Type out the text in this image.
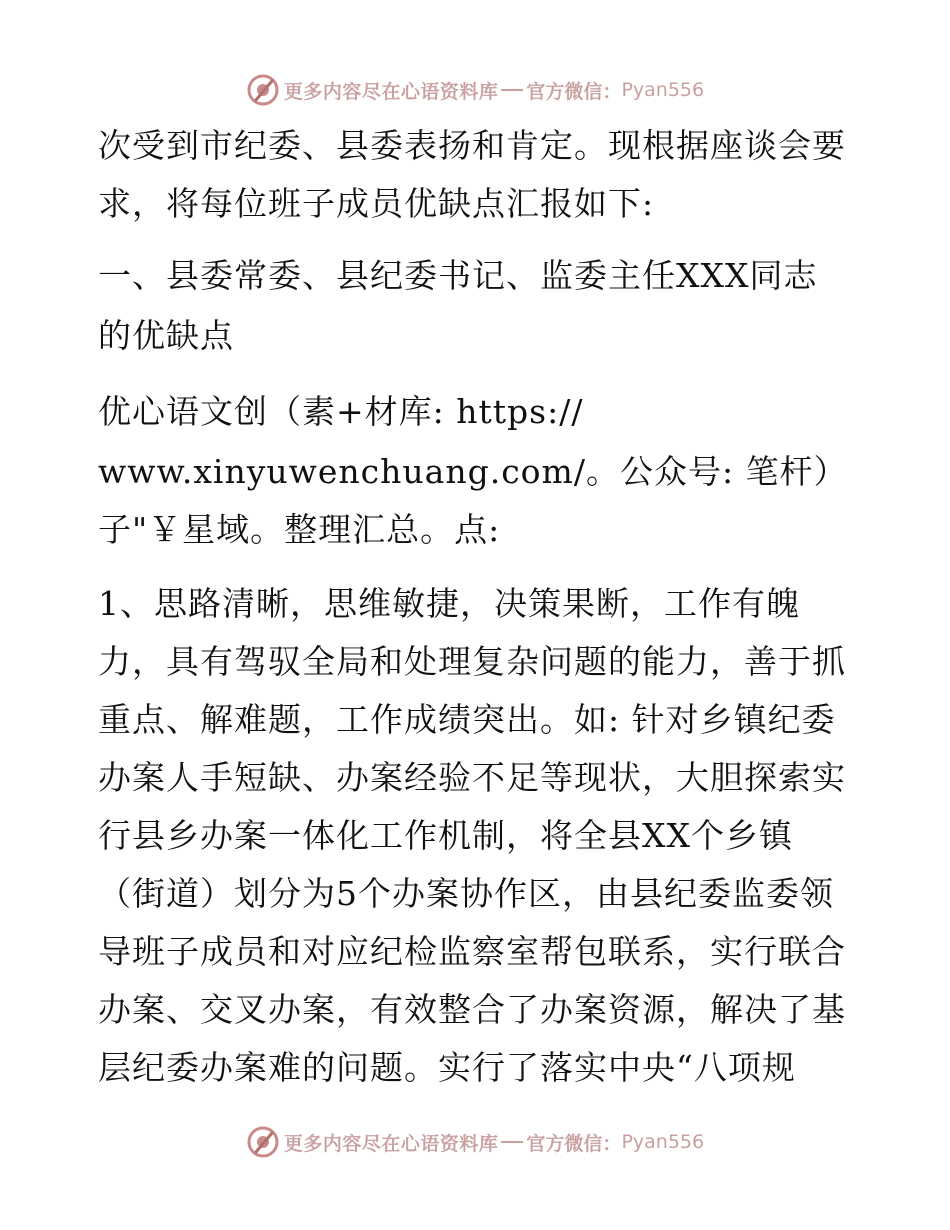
更多内容尽在心语资料库 官方微信： Pyan556
次受到市纪委、县委表扬和肯定。现根据座谈会要
求，将每位班子成员优缺点汇报如下:
一、县委常委、县纪委书记、监委主任XXX同志
的优缺点
优心语文创（素+材库: https://
www.xinyuwenchuang.com/。公众号: 笔杆）
子"￥星域。整理汇总。点:
1、思路清晰，思维敏捷，决策果断，工作有魄
力，具有驾驭全局和处理复杂问题的能力，善于抓
重点、解难题，工作成绩突出。如: 针对乡镇纪委
办案人手短缺、办案经验不足等现状，大胆探索实
行县乡办案一体化工作机制，将全县XX个乡镇
（街道）划分为5个办案协作区，由县纪委监委领
导班子成员和对应纪检监察室帮包联系，实行联合
办案、交叉办案，有效整合了办案资源，解决了基
层纪委办案难的问题。实行了落实中央“八项规
更多内容尽在心语资料库 官方微信： Pyan556
